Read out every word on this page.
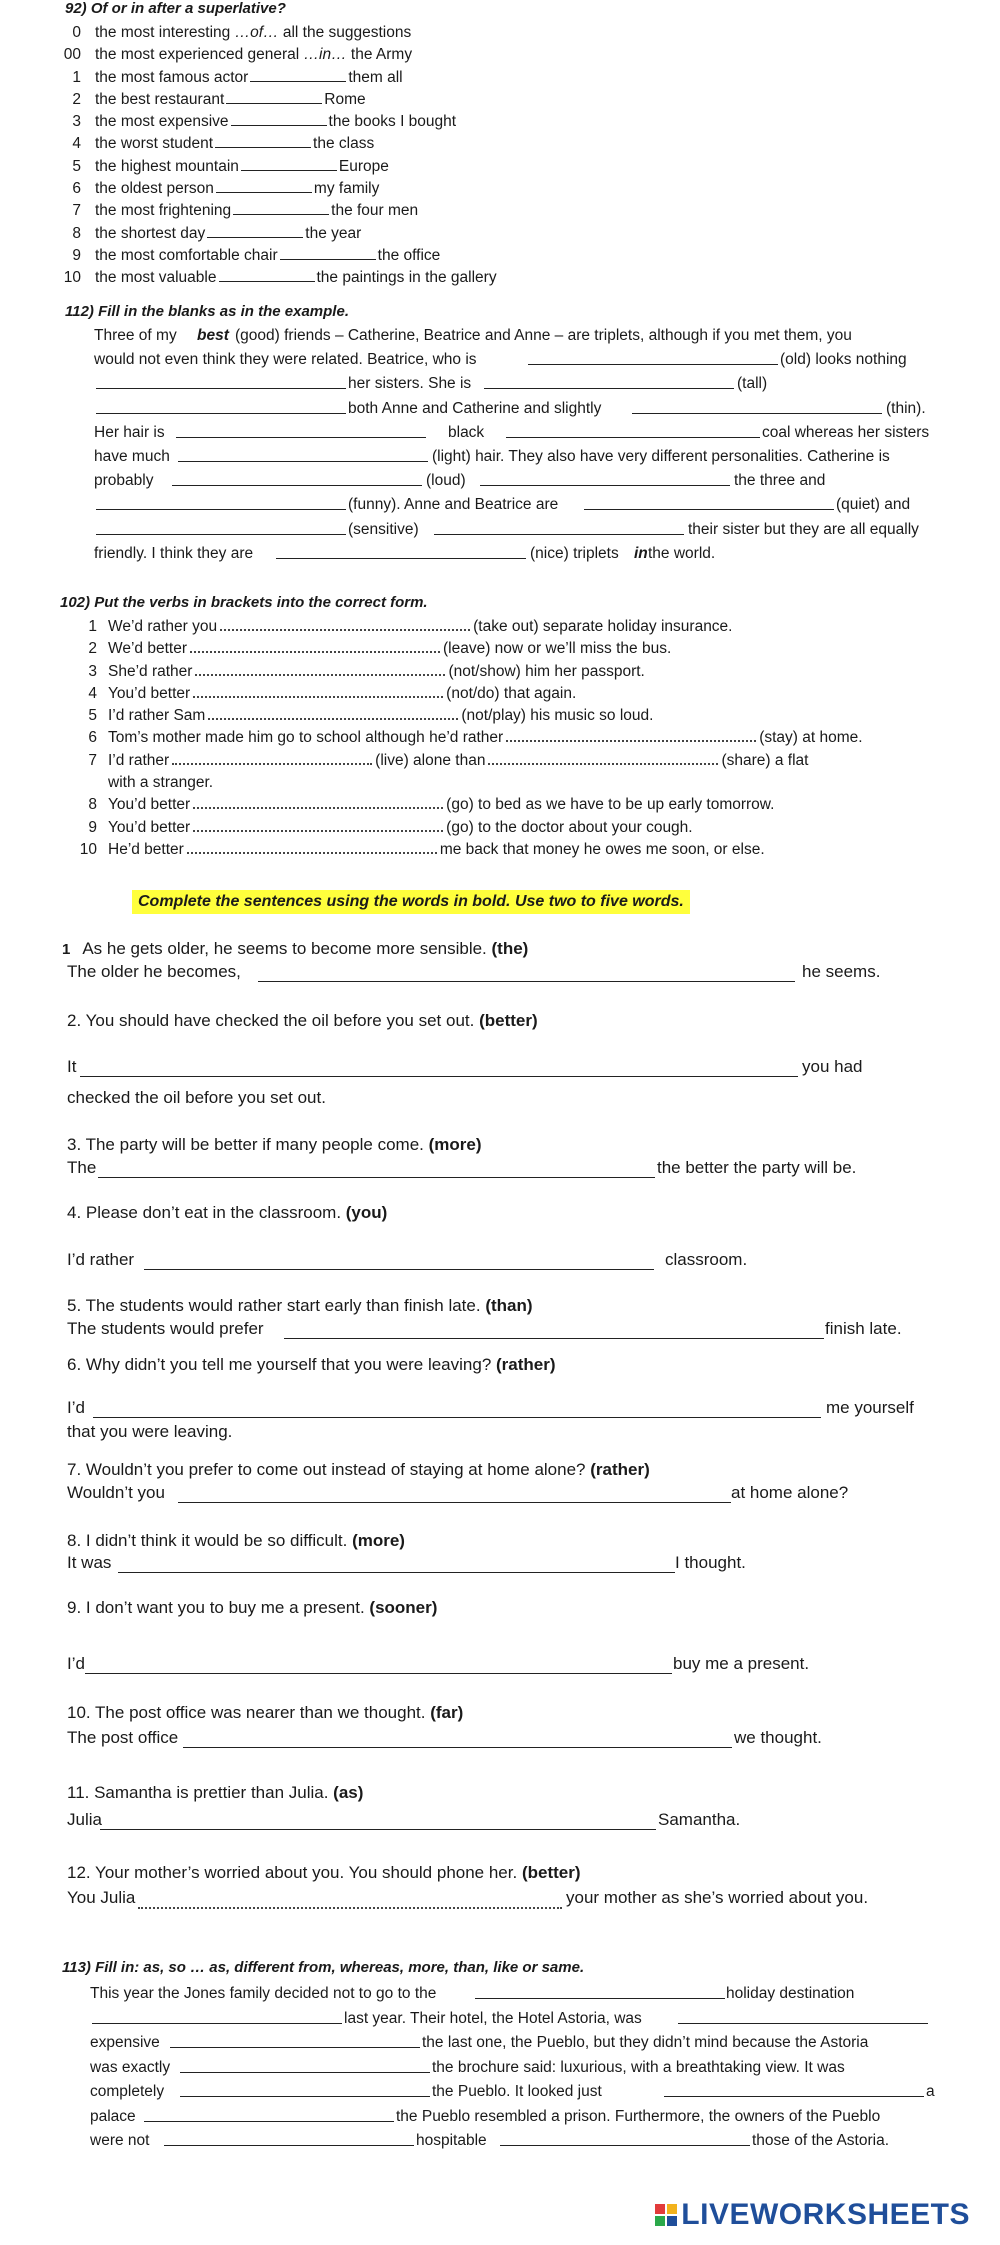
92) Of or in after a superlative?
0 the most interesting …of… all the suggestions
00 the most experienced general …in… the Army
1 the most famous actor	them all
2 the best restaurant	Rome
3 the most expensive	the books I bought
4 the worst student	the class
5 the highest mountain	Europe
6 the oldest person	my family
7 the most frightening	the four men
8 the shortest day	the year
9 the most comfortable chair	the office
10 the most valuable	the paintings in the gallery
112) Fill in the blanks as in the example.
Three of my best (good) friends – Catherine, Beatrice and Anne – are triplets, although if you met them, you
would not even think they were related. Beatrice, who is	(old) looks nothing
her sisters. She is	(tall)
both Anne and Catherine and slightly	(thin).
Her hair is	black	coal whereas her sisters
have much	(light) hair. They also have very different personalities. Catherine is
probably	(loud)	the three and
(funny). Anne and Beatrice are	(quiet) and
(sensitive)	their sister but they are all equally
friendly. I think they are	(nice) triplets in the world.
102) Put the verbs in brackets into the correct form.
1 We’d rather you	(take out) separate holiday insurance.
2 We’d better	(leave) now or we’ll miss the bus.
3 She’d rather	(not/show) him her passport.
4 You’d better	(not/do) that again.
5 I’d rather Sam	(not/play) his music so loud.
6 Tom’s mother made him go to school although he’d rather	(stay) at home.
7 I’d rather	(live) alone than	(share) a flat
with a stranger.
8 You’d better	(go) to bed as we have to be up early tomorrow.
9 You’d better	(go) to the doctor about your cough.
10 He’d better	me back that money he owes me soon, or else.
Complete the sentences using the words in bold. Use two to five words.
1 As he gets older, he seems to become more sensible. (the)
The older he becomes,	he seems.
2. You should have checked the oil before you set out. (better)
It	you had
checked the oil before you set out.
3. The party will be better if many people come. (more)
The	the better the party will be.
4. Please don’t eat in the classroom. (you)
I’d rather	classroom.
5. The students would rather start early than finish late. (than)
The students would prefer	finish late.
6. Why didn’t you tell me yourself that you were leaving? (rather)
I’d	me yourself
that you were leaving.
7. Wouldn’t you prefer to come out instead of staying at home alone? (rather)
Wouldn’t you	at home alone?
8. I didn’t think it would be so difficult. (more)
It was	I thought.
9. I don’t want you to buy me a present. (sooner)
I’d	buy me a present.
10. The post office was nearer than we thought. (far)
The post office	we thought.
11. Samantha is prettier than Julia. (as)
Julia	Samantha.
12. Your mother’s worried about you. You should phone her. (better)
You Julia	your mother as she’s worried about you.
113) Fill in: as, so … as, different from, whereas, more, than, like or same.
This year the Jones family decided not to go to the	holiday destination
last year. Their hotel, the Hotel Astoria, was
expensive	the last one, the Pueblo, but they didn’t mind because the Astoria
was exactly	the brochure said: luxurious, with a breathtaking view. It was
completely	the Pueblo. It looked just	a
palace	the Pueblo resembled a prison. Furthermore, the owners of the Pueblo
were not	hospitable	those of the Astoria.
LIVEWORKSHEETS
